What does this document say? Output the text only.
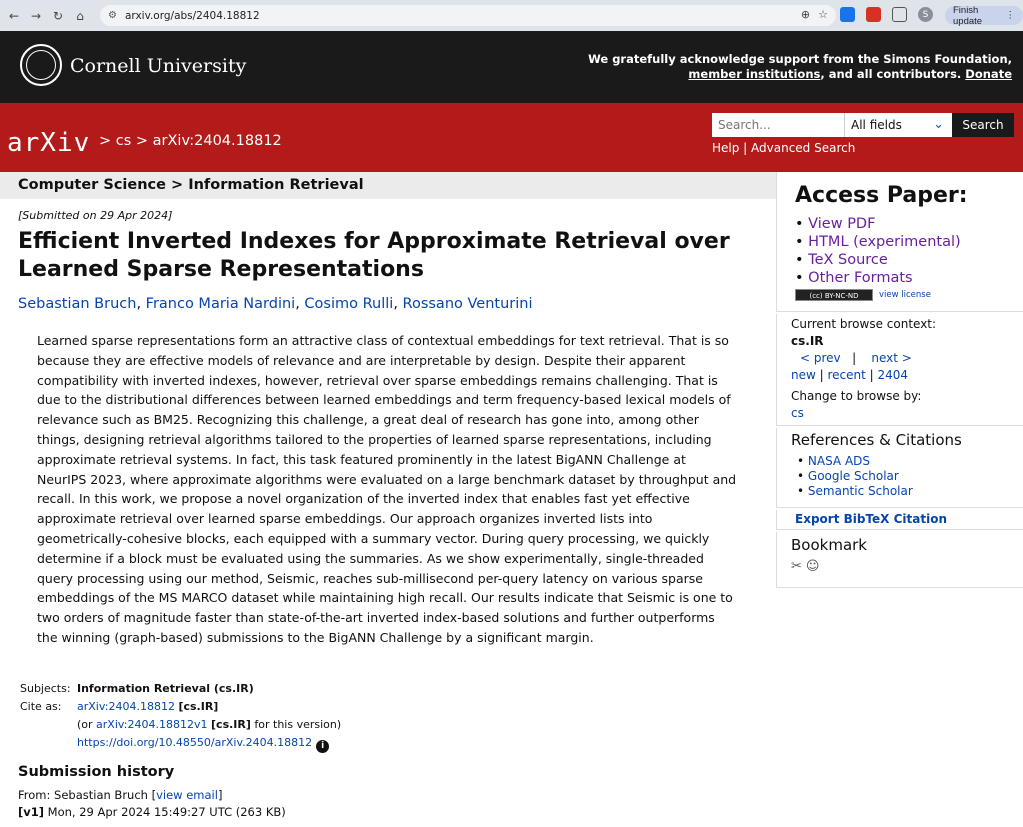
← → ↻	⌂	⚙ arxiv.org/abs/2404.18812	⊕ ☆	S	Finish update	⋮
Cornell University	We gratefully acknowledge support from the Simons Foundation,
member institutions, and all contributors. Donate
arXiv > cs > arXiv:2404.18812
Search...
All fields ⌄	Search
Help | Advanced Search
Computer Science > Information Retrieval
[Submitted on 29 Apr 2024]
Efficient Inverted Indexes for Approximate Retrieval over Learned Sparse Representations
Sebastian Bruch, Franco Maria Nardini, Cosimo Rulli, Rossano Venturini
Learned sparse representations form an attractive class of contextual embeddings for text retrieval. That is so because they are effective models of relevance and are interpretable by design. Despite their apparent compatibility with inverted indexes, however, retrieval over sparse embeddings remains challenging. That is due to the distributional differences between learned embeddings and term frequency-based lexical models of relevance such as BM25. Recognizing this challenge, a great deal of research has gone into, among other things, designing retrieval algorithms tailored to the properties of learned sparse representations, including approximate retrieval systems. In fact, this task featured prominently in the latest BigANN Challenge at NeurIPS 2023, where approximate algorithms were evaluated on a large benchmark dataset by throughput and recall. In this work, we propose a novel organization of the inverted index that enables fast yet effective approximate retrieval over learned sparse embeddings. Our approach organizes inverted lists into geometrically-cohesive blocks, each equipped with a summary vector. During query processing, we quickly determine if a block must be evaluated using the summaries. As we show experimentally, single-threaded query processing using our method, Seismic, reaches sub-millisecond per-query latency on various sparse embeddings of the MS MARCO dataset while maintaining high recall. Our results indicate that Seismic is one to two orders of magnitude faster than state-of-the-art inverted index-based solutions and further outperforms the winning (graph-based) submissions to the BigANN Challenge by a significant margin.
Subjects: Information Retrieval (cs.IR)
Cite as:	arXiv:2404.18812 [cs.IR]
(or arXiv:2404.18812v1 [cs.IR] for this version)
https://doi.org/10.48550/arXiv.2404.18812 i
Submission history
From: Sebastian Bruch [view email]
[v1] Mon, 29 Apr 2024 15:49:27 UTC (263 KB)
Access Paper:
• View PDF
• HTML (experimental)
• TeX Source
• Other Formats
(cc) BY-NC-ND	view license
Current browse context:
cs.IR
< prev   |    next >
new | recent | 2404
Change to browse by:
cs
References & Citations
• NASA ADS
• Google Scholar
• Semantic Scholar
Export BibTeX Citation
Bookmark
✂ ☺
